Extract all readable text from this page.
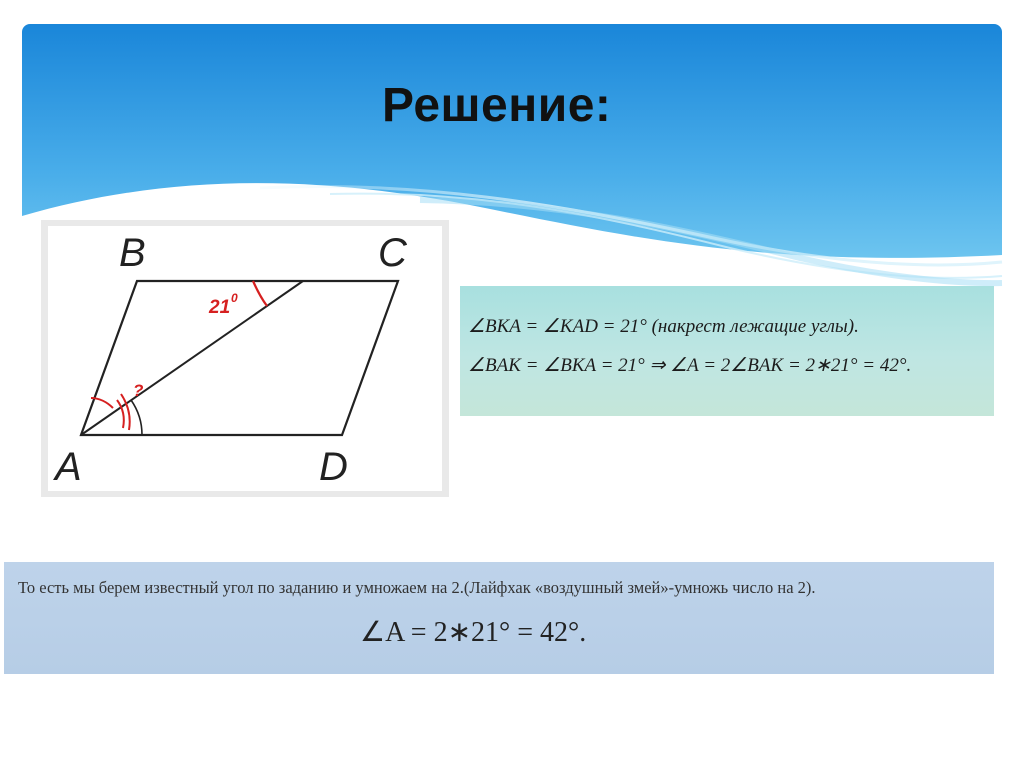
Решение:
B	C
A	D
21 0
?
∠BKA = ∠KAD = 21° (накрест лежащие углы).
∠BAK = ∠BKA = 21° ⇒ ∠A = 2∠BAK = 2∗21° = 42°.
То есть мы берем известный угол по заданию и умножаем на 2.(Лайфхак «воздушный змей»-умножь число на 2).
∠A = 2∗21° = 42°.
